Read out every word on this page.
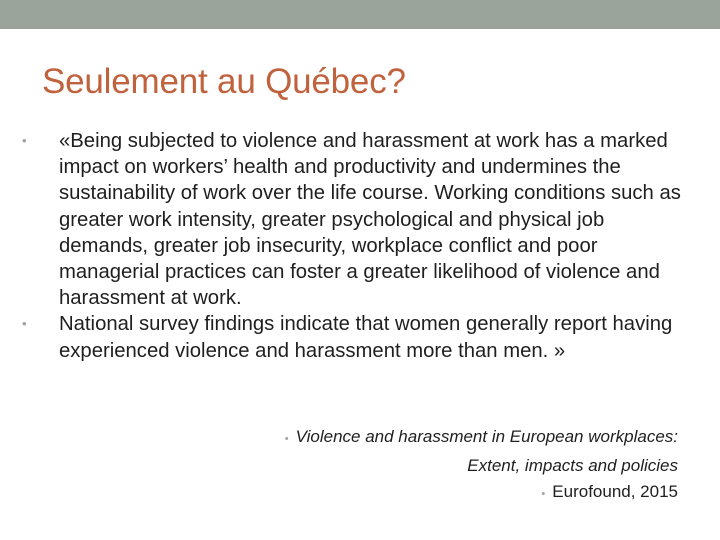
Seulement au Québec?
•	«Being subjected to violence and harassment at work has a marked impact on workers’ health and productivity and undermines the sustainability of work over the life course. Working conditions such as greater work intensity, greater psychological and physical job demands, greater job insecurity, workplace conflict and poor managerial practices can foster a greater likelihood of violence and harassment at work.
•	National survey findings indicate that women generally report having experienced violence and harassment more than men. »
• Violence and harassment in European workplaces:
Extent, impacts and policies
• Eurofound, 2015
